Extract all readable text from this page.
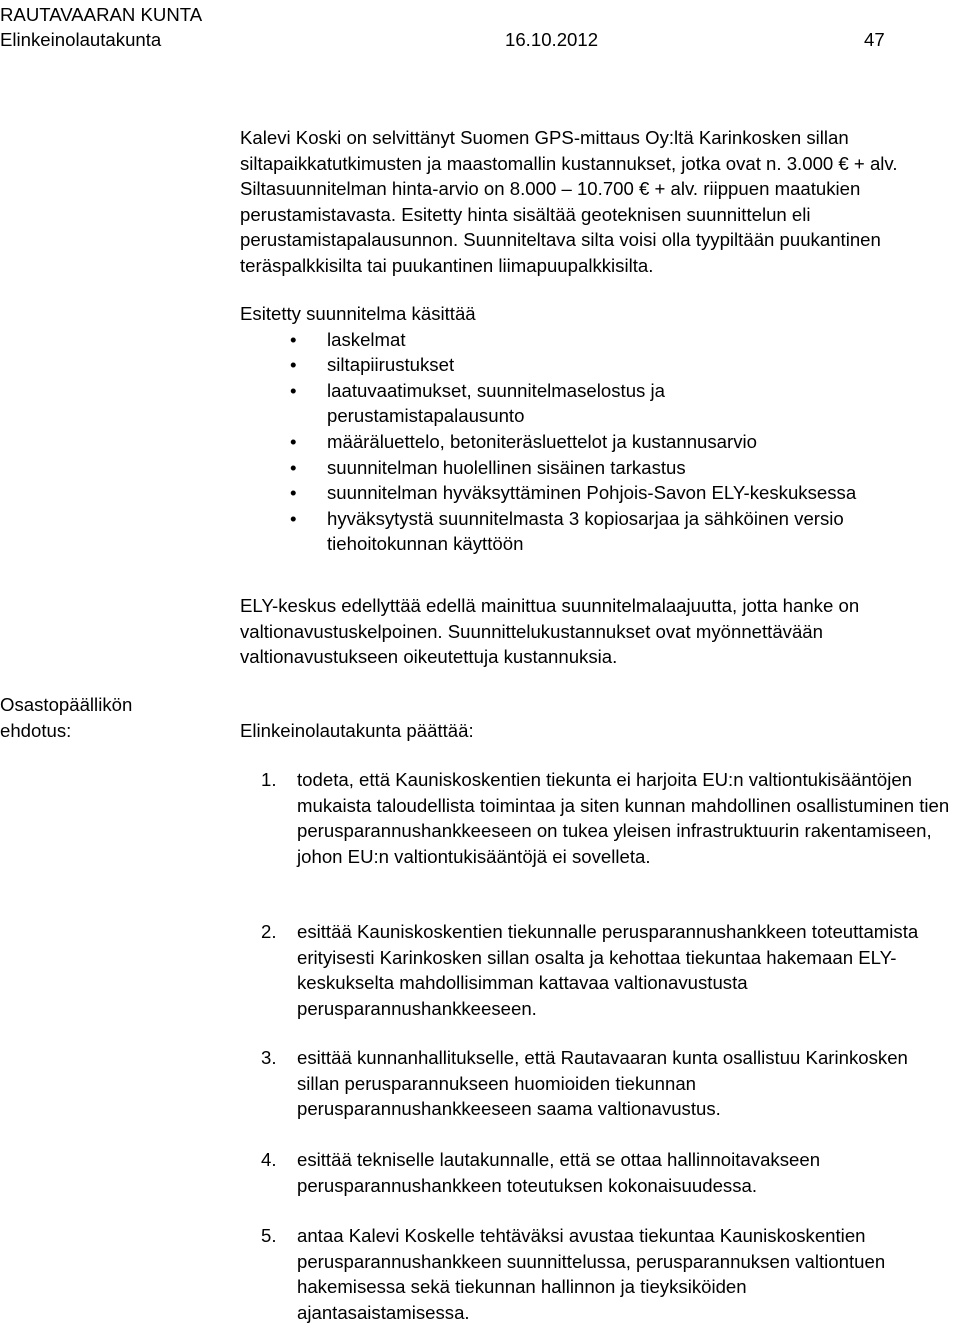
RAUTAVAARAN KUNTA
Elinkeinolautakunta	16.10.2012	47

Kalevi Koski on selvittänyt Suomen GPS-mittaus Oy:ltä Karinkosken sillan siltapaikkatutkimusten ja maastomallin kustannukset, jotka ovat n. 3.000 € + alv. Siltasuunnitelman hinta-arvio on 8.000 – 10.700 € + alv. riippuen maatukien perustamistavasta. Esitetty hinta sisältää geoteknisen suunnittelun eli perustamistapalausunnon. Suunniteltava silta voisi olla tyypiltään puukantinen teräspalkkisilta tai puukantinen liimapuupalkkisilta.

Esitetty suunnitelma käsittää
• laskelmat
• siltapiirustukset
• laatuvaatimukset, suunnitelmaselostus ja perustamistapalausunto
• määräluettelo, betoniteräsluettelot ja kustannusarvio
• suunnitelman huolellinen sisäinen tarkastus
• suunnitelman hyväksyttäminen Pohjois-Savon ELY-keskuksessa
• hyväksytystä suunnitelmasta 3 kopiosarjaa ja sähköinen versio tiehoitokunnan käyttöön

ELY-keskus edellyttää edellä mainittua suunnitelmalaajuutta, jotta hanke on valtionavustuskelpoinen. Suunnittelukustannukset ovat myönnettävään valtionavustukseen oikeutettuja kustannuksia.

Osastopäällikön ehdotus:	Elinkeinolautakunta päättää:
1. todeta, että Kauniskoskentien tiekunta ei harjoita EU:n valtiontukisääntöjen mukaista taloudellista toimintaa ja siten kunnan mahdollinen osallistuminen tien perusparannushankkeeseen on tukea yleisen infrastruktuurin rakentamiseen, johon EU:n valtiontukisääntöjä ei sovelleta.
2. esittää Kauniskoskentien tiekunnalle perusparannushankkeen toteuttamista erityisesti Karinkosken sillan osalta ja kehottaa tiekuntaa hakemaan ELY-keskukselta mahdollisimman kattavaa valtionavustusta perusparannushankkeeseen.
3. esittää kunnanhallitukselle, että Rautavaaran kunta osallistuu Karinkosken sillan perusparannukseen huomioiden tiekunnan perusparannushankkeeseen saama valtionavustus.
4. esittää tekniselle lautakunnalle, että se ottaa hallinnoitavakseen perusparannushankkeen toteutuksen kokonaisuudessa.
5. antaa Kalevi Koskelle tehtäväksi avustaa tiekuntaa Kauniskoskentien perusparannushankkeen suunnittelussa, perusparannuksen valtiontuen hakemisessa sekä tiekunnan hallinnon ja tieyksiköiden ajantasaistamisessa.
